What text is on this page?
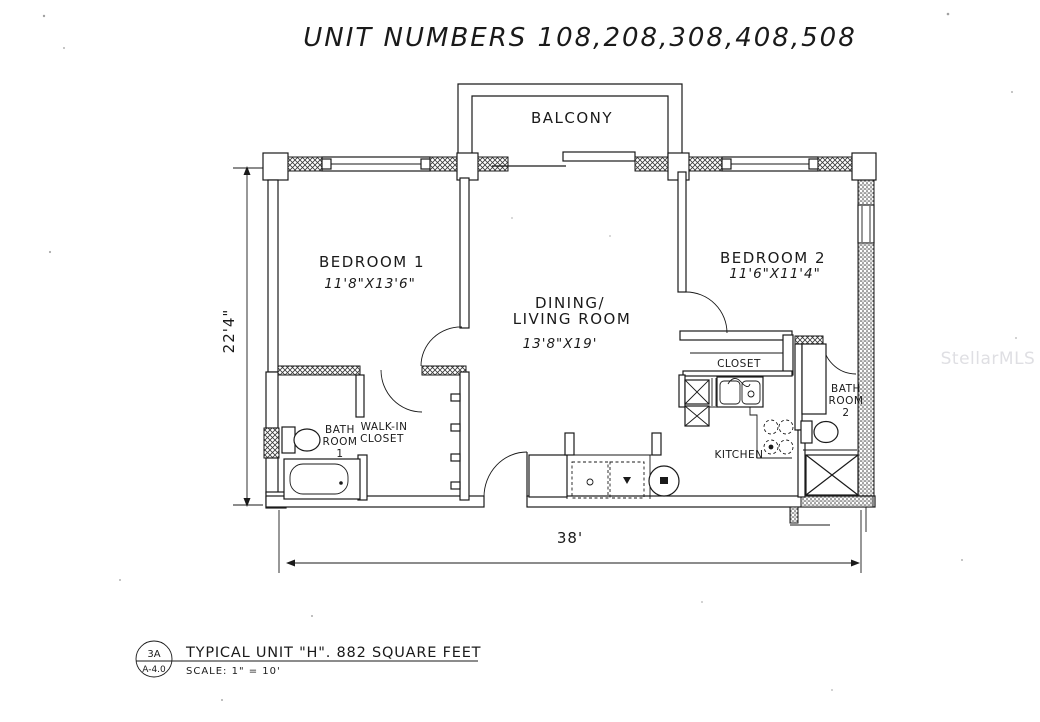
UNIT NUMBERS 108,208,308,408,508
StellarMLS
BALCONY
BEDROOM 1
11'8"X13'6"
DINING/
LIVING ROOM
13'8"X19'
BEDROOM 2
11'6"X11'4"
BATH
ROOM
1
WALK-IN
CLOSET
CLOSET
BATH
ROOM
2
KITCHEN
22'4"
38'
3A
A-4.0
TYPICAL UNIT "H". 882 SQUARE FEET
SCALE: 1" = 10'
